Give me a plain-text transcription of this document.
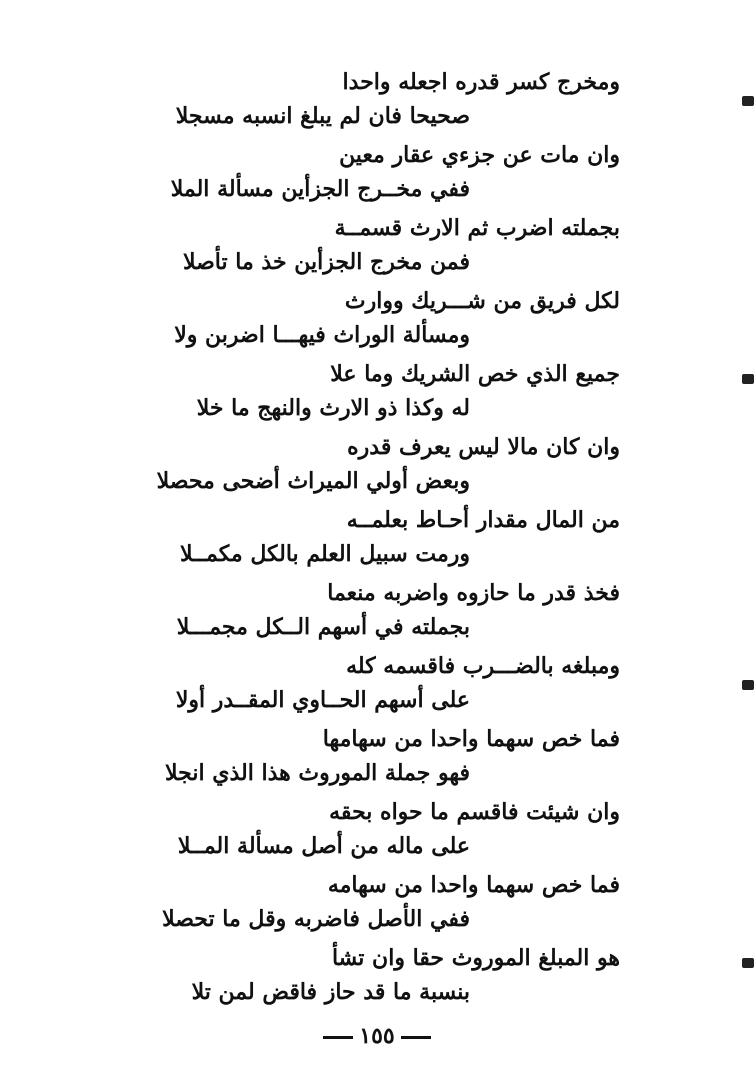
ومخرج كسر قدره اجعله واحدا
صحيحا فان لم يبلغ انسبه مسجلا
وان مات عن جزءي عقار معين
ففي مخــرج الجزأين مسألة الملا
بجملته اضرب ثم الارث قسمــة
فمن مخرج الجزأين خذ ما تأصلا
لكل فريق من شـــريك ووارث
ومسألة الوراث فيهـــا اضربن ولا
جميع الذي خص الشريك وما علا
له وكذا ذو الارث والنهج ما خلا
وان كان مالا ليس يعرف قدره
وبعض أولي الميراث أضحى محصلا
من المال مقدار أحـاط بعلمــه
ورمت سبيل العلم بالكل مكمــلا
فخذ قدر ما حازوه واضربه منعما
بجملته في أسهم الــكل مجمـــلا
ومبلغه بالضـــرب فاقسمه كله
على أسهم الحــاوي المقــدر أولا
فما خص سهما واحدا من سهامها
فهو جملة الموروث هذا الذي انجلا
وان شيئت فاقسم ما حواه بحقه
على ماله من أصل مسألة المــلا
فما خص سهما واحدا من سهامه
ففي الأصل فاضربه وقل ما تحصلا
هو المبلغ الموروث حقا وان تشأ
بنسبة ما قد حاز فاقض لمن تلا
١٥٥
